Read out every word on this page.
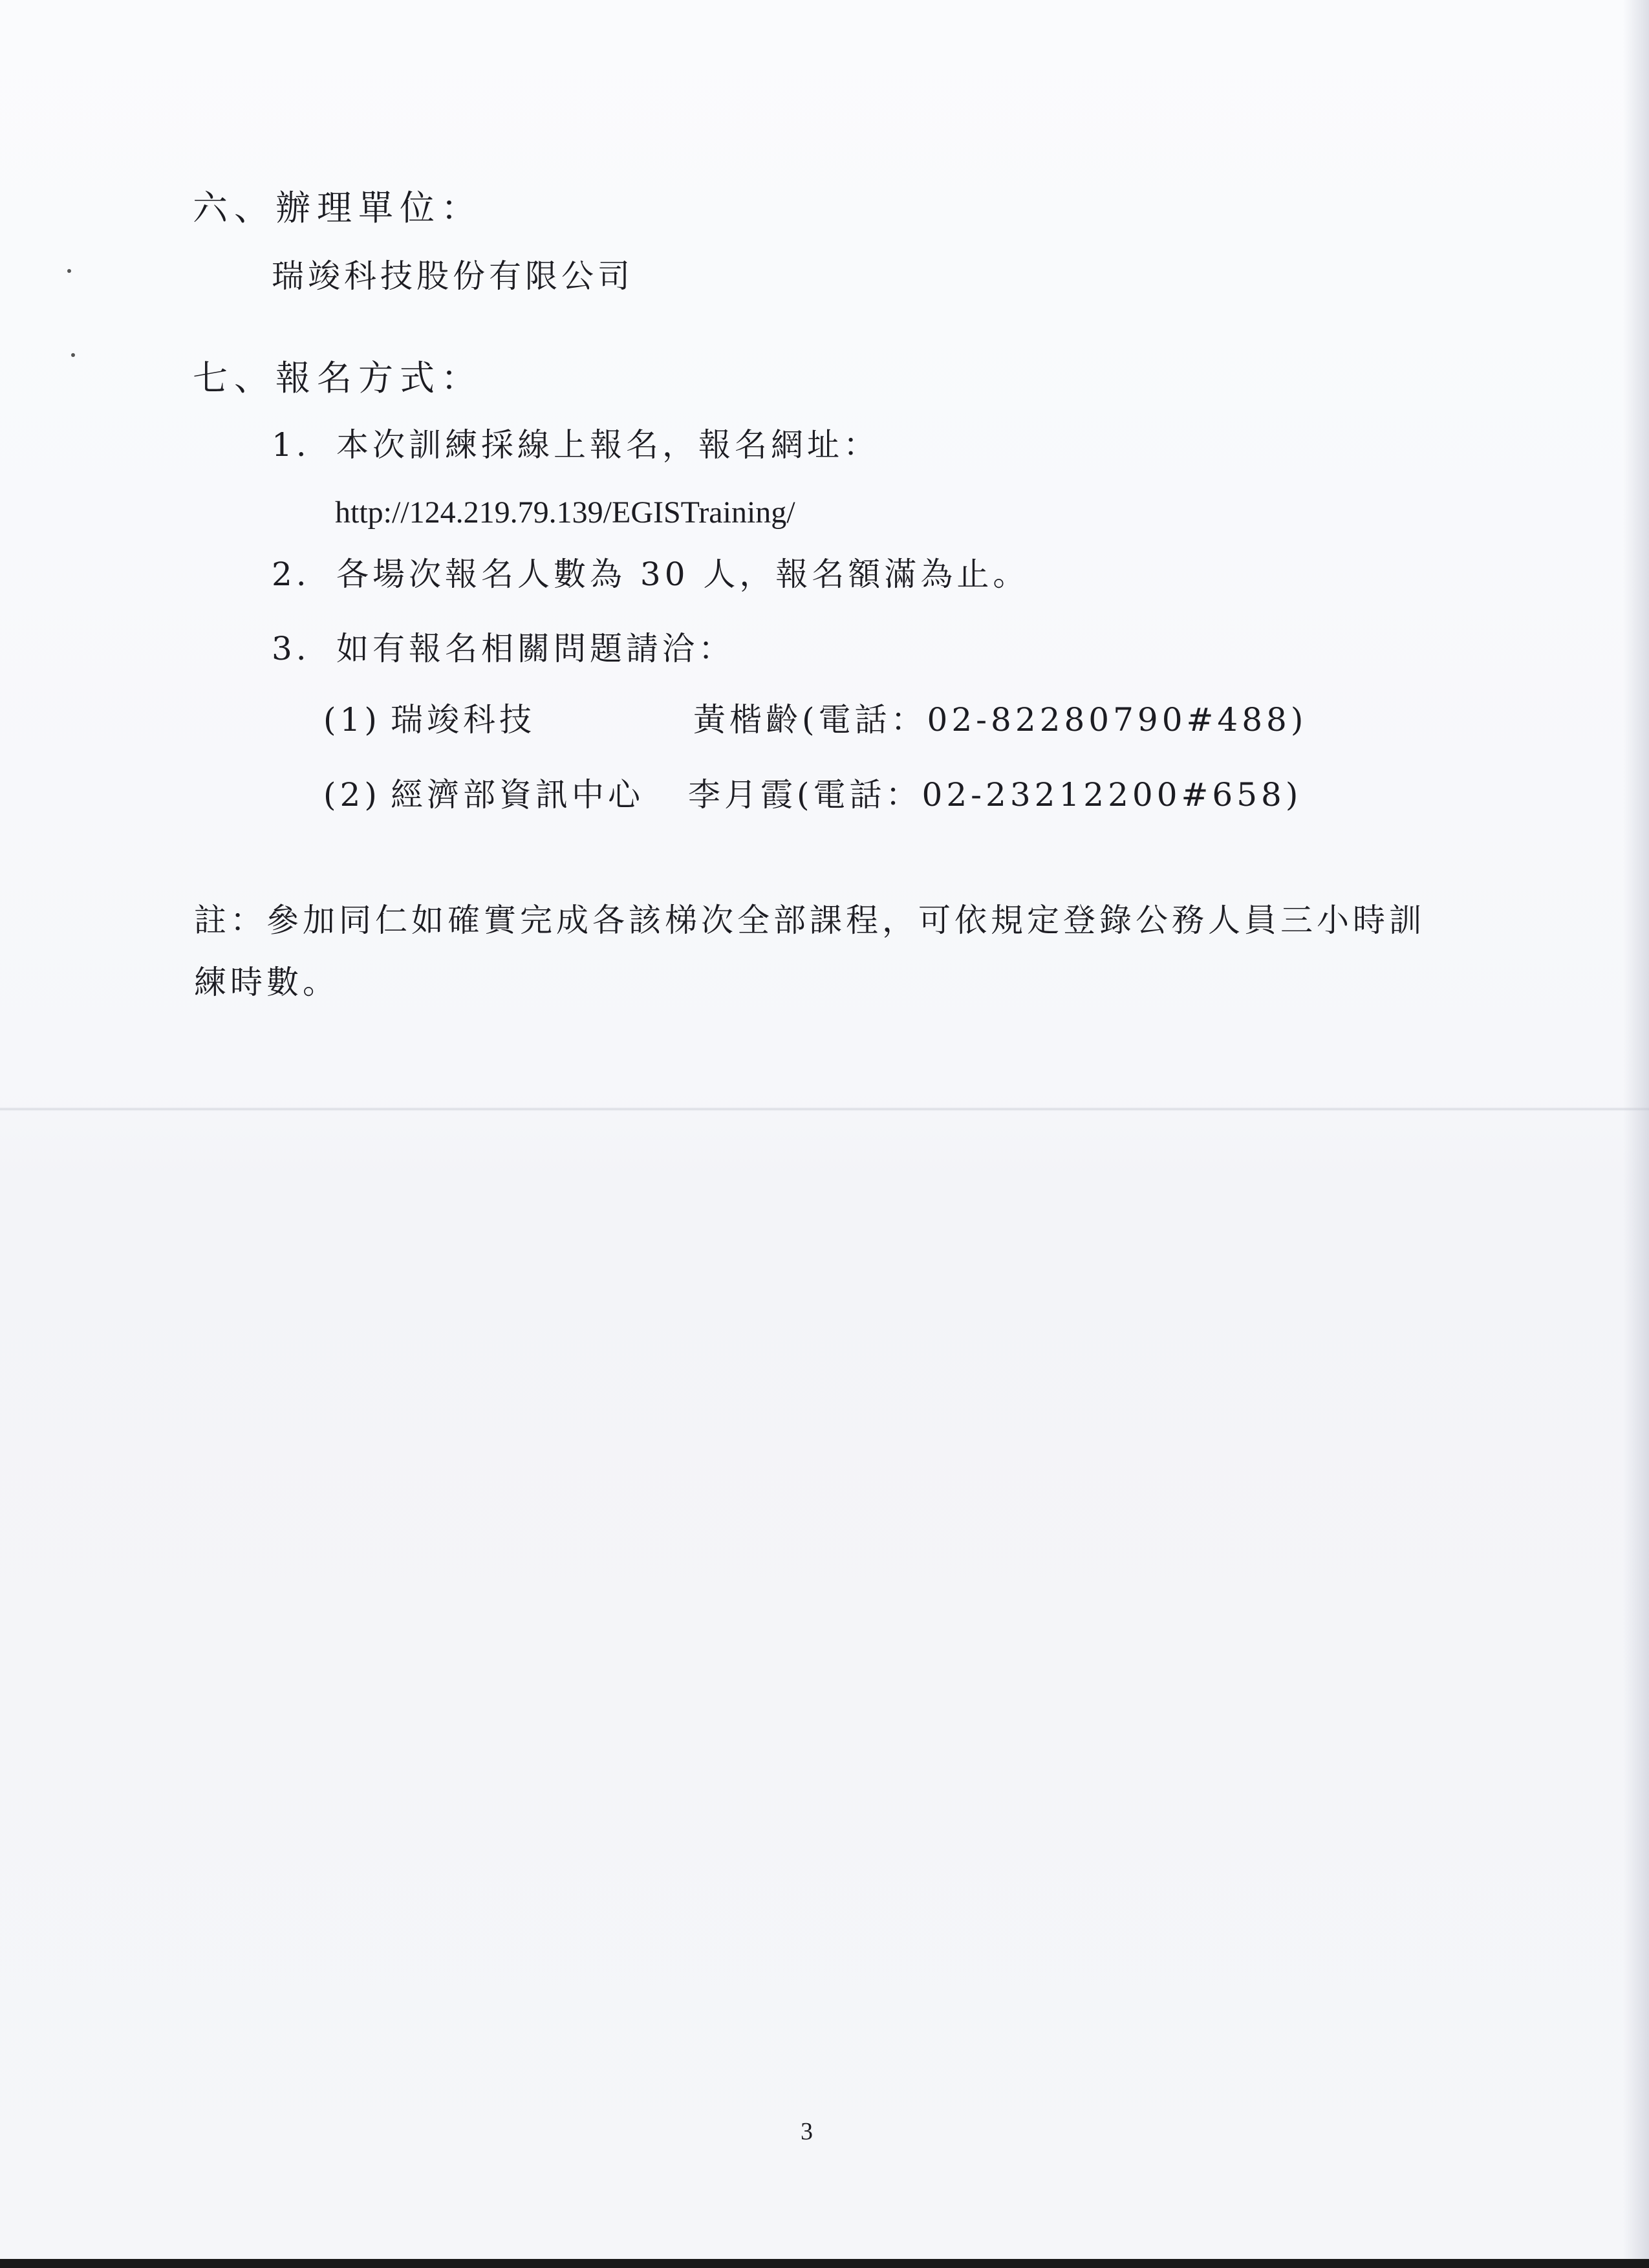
六、辦理單位：
瑞竣科技股份有限公司
七、報名方式：
1. 本次訓練採線上報名，報名網址：
http://124.219.79.139/EGISTraining/
2. 各場次報名人數為 30 人，報名額滿為止。
3. 如有報名相關問題請洽：
(1) 瑞竣科技	黃楷齡(電話：02-82280790#488)
(2) 經濟部資訊中心 李月霞(電話：02-23212200#658)
註：參加同仁如確實完成各該梯次全部課程，可依規定登錄公務人員三小時訓練時數。
3
